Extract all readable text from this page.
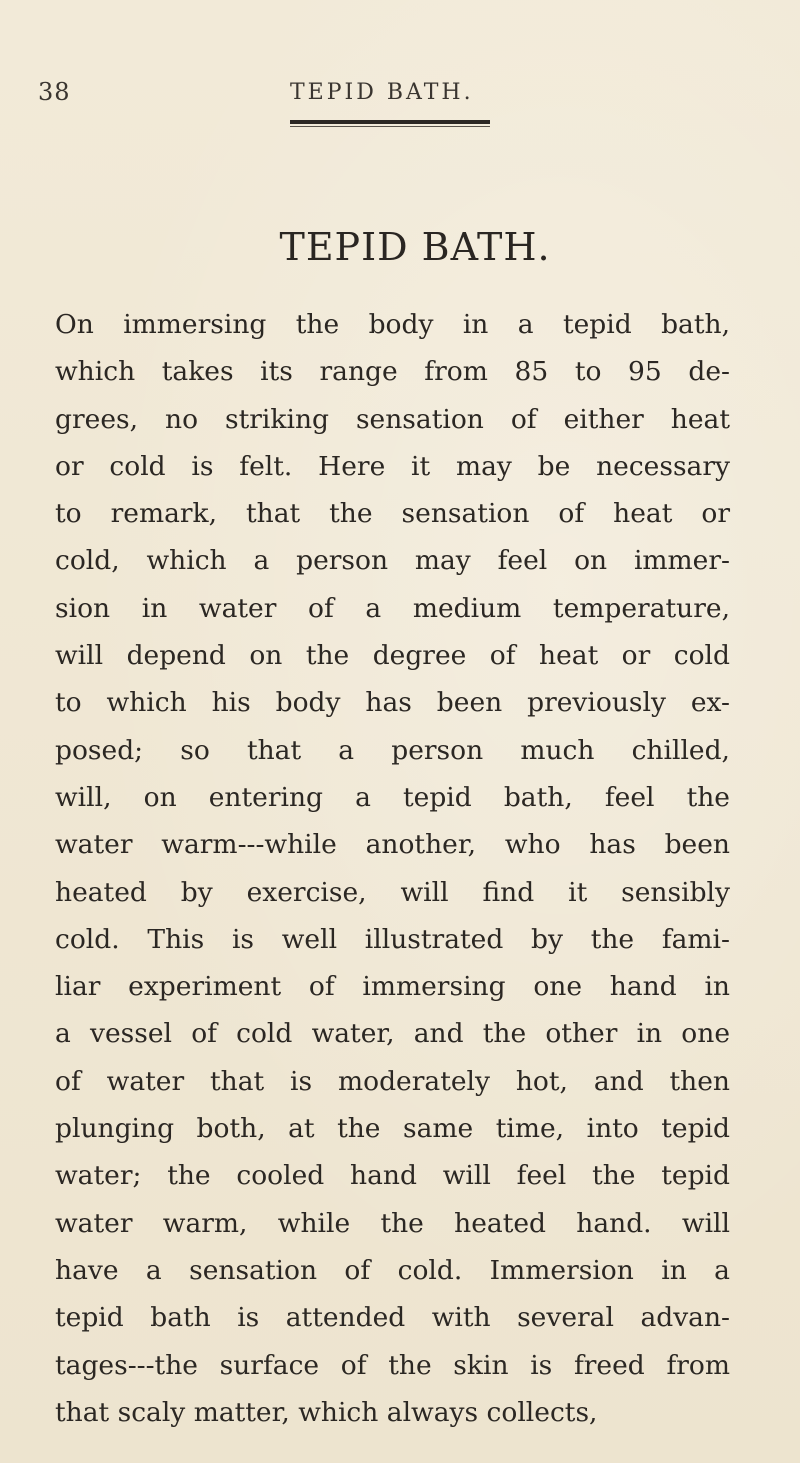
38	TEPID BATH.
TEPID BATH.
On immersing the body in a tepid bath,
which takes its range from 85 to 95 de-
grees, no striking sensation of either heat
or cold is felt. Here it may be necessary
to remark, that the sensation of heat or
cold, which a person may feel on immer-
sion in water of a medium temperature,
will depend on the degree of heat or cold
to which his body has been previously ex-
posed; so that a person much chilled,
will, on entering a tepid bath, feel the
water warm---while another, who has been
heated by exercise, will find it sensibly
cold. This is well illustrated by the fami-
liar experiment of immersing one hand in
a vessel of cold water, and the other in one
of water that is moderately hot, and then
plunging both, at the same time, into tepid
water; the cooled hand will feel the tepid
water warm, while the heated hand. will
have a sensation of cold. Immersion in a
tepid bath is attended with several advan-
tages---the surface of the skin is freed from
that scaly matter, which always collects,
